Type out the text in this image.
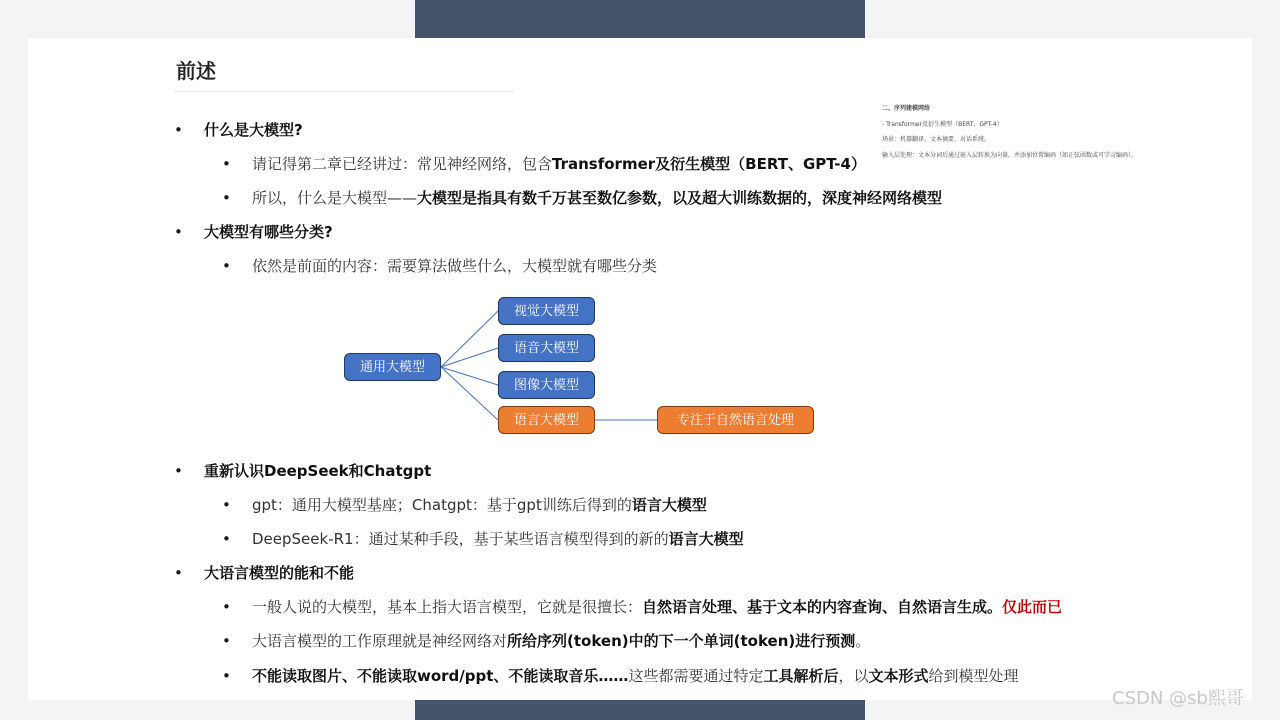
前述
二、序列建模网络
- Transformer及衍生模型（BERT、GPT-4）
场景：机器翻译、文本摘要、对话系统。
输入层处理：文本分词后通过嵌入层转换为向量，并添加位置编码（如正弦函数或可学习编码）。
• 什么是大模型?
• 请记得第二章已经讲过：常见神经网络，包含Transformer及衍生模型（BERT、GPT-4）
• 所以，什么是大模型——大模型是指具有数千万甚至数亿参数，以及超大训练数据的，深度神经网络模型
• 大模型有哪些分类?
• 依然是前面的内容：需要算法做些什么，大模型就有哪些分类
通用大模型
视觉大模型
语音大模型
图像大模型
语言大模型	专注于自然语言处理
• 重新认识DeepSeek和Chatgpt
• gpt：通用大模型基座；Chatgpt：基于gpt训练后得到的语言大模型
• DeepSeek-R1：通过某种手段，基于某些语言模型得到的新的语言大模型
• 大语言模型的能和不能
• 一般人说的大模型，基本上指大语言模型，它就是很擅长：自然语言处理、基于文本的内容查询、自然语言生成。仅此而已
• 大语言模型的工作原理就是神经网络对所给序列(token)中的下一个单词(token)进行预测。
• 不能读取图片、不能读取word/ppt、不能读取音乐……这些都需要通过特定工具解析后，以文本形式给到模型处理
CSDN @sb熙哥
